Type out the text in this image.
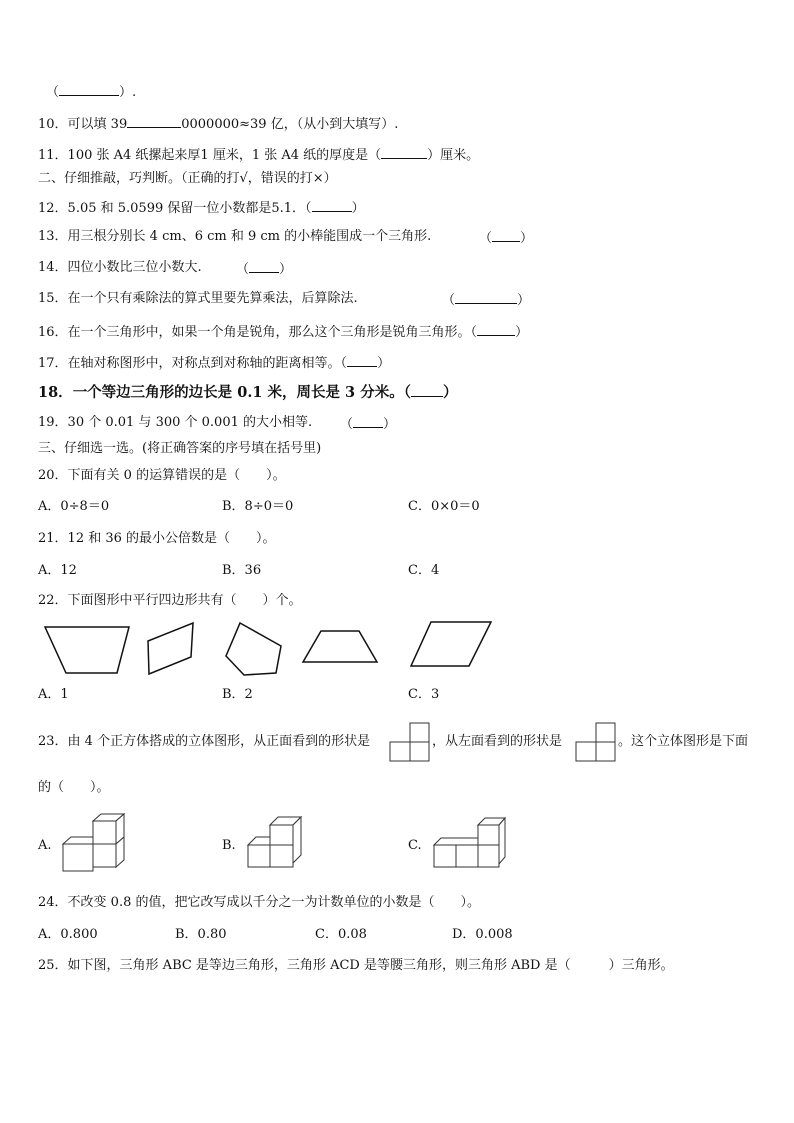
（	）.
10．可以填 39	0000000≈39 亿，（从小到大填写）.
11．100 张 A4 纸摞起来厚1 厘米，1 张 A4 纸的厚度是（	）厘米。
二、仔细推敲，巧判断。（正确的打√，错误的打×）
12．5.05 和 5.0599 保留一位小数都是5.1．（	）
13．用三根分别长 4 cm、6 cm 和 9 cm 的小棒能围成一个三角形.	（ ）
14．四位小数比三位小数大.	（ ）
15．在一个只有乘除法的算式里要先算乘法，后算除法.	（	）
16．在一个三角形中，如果一个角是锐角，那么这个三角形是锐角三角形。（	）
17．在轴对称图形中，对称点到对称轴的距离相等。（ ）
18．一个等边三角形的边长是 0.1 米，周长是 3 分米。（ ）
19．30 个 0.01 与 300 个 0.001 的大小相等. （ ）
三、仔细选一选。(将正确答案的序号填在括号里)
20．下面有关 0 的运算错误的是（　　）。
A．0÷8＝0	B．8÷0＝0	C．0×0＝0
21．12 和 36 的最小公倍数是（　　）。
A．12	B．36	C．4
22．下面图形中平行四边形共有（　　）个。
A．1	B．2	C．3
23．由 4 个正方体搭成的立体图形，从正面看到的形状是	，从左面看到的形状是	。这个立体图形是下面
的（　　）。
A.	B.	C.
24．不改变 0.8 的值，把它改写成以千分之一为计数单位的小数是（　　）。
A．0.800	B．0.80	C．0.08	D．0.008
25．如下图，三角形 ABC 是等边三角形，三角形 ACD 是等腰三角形，则三角形 ABD 是（	）三角形。
